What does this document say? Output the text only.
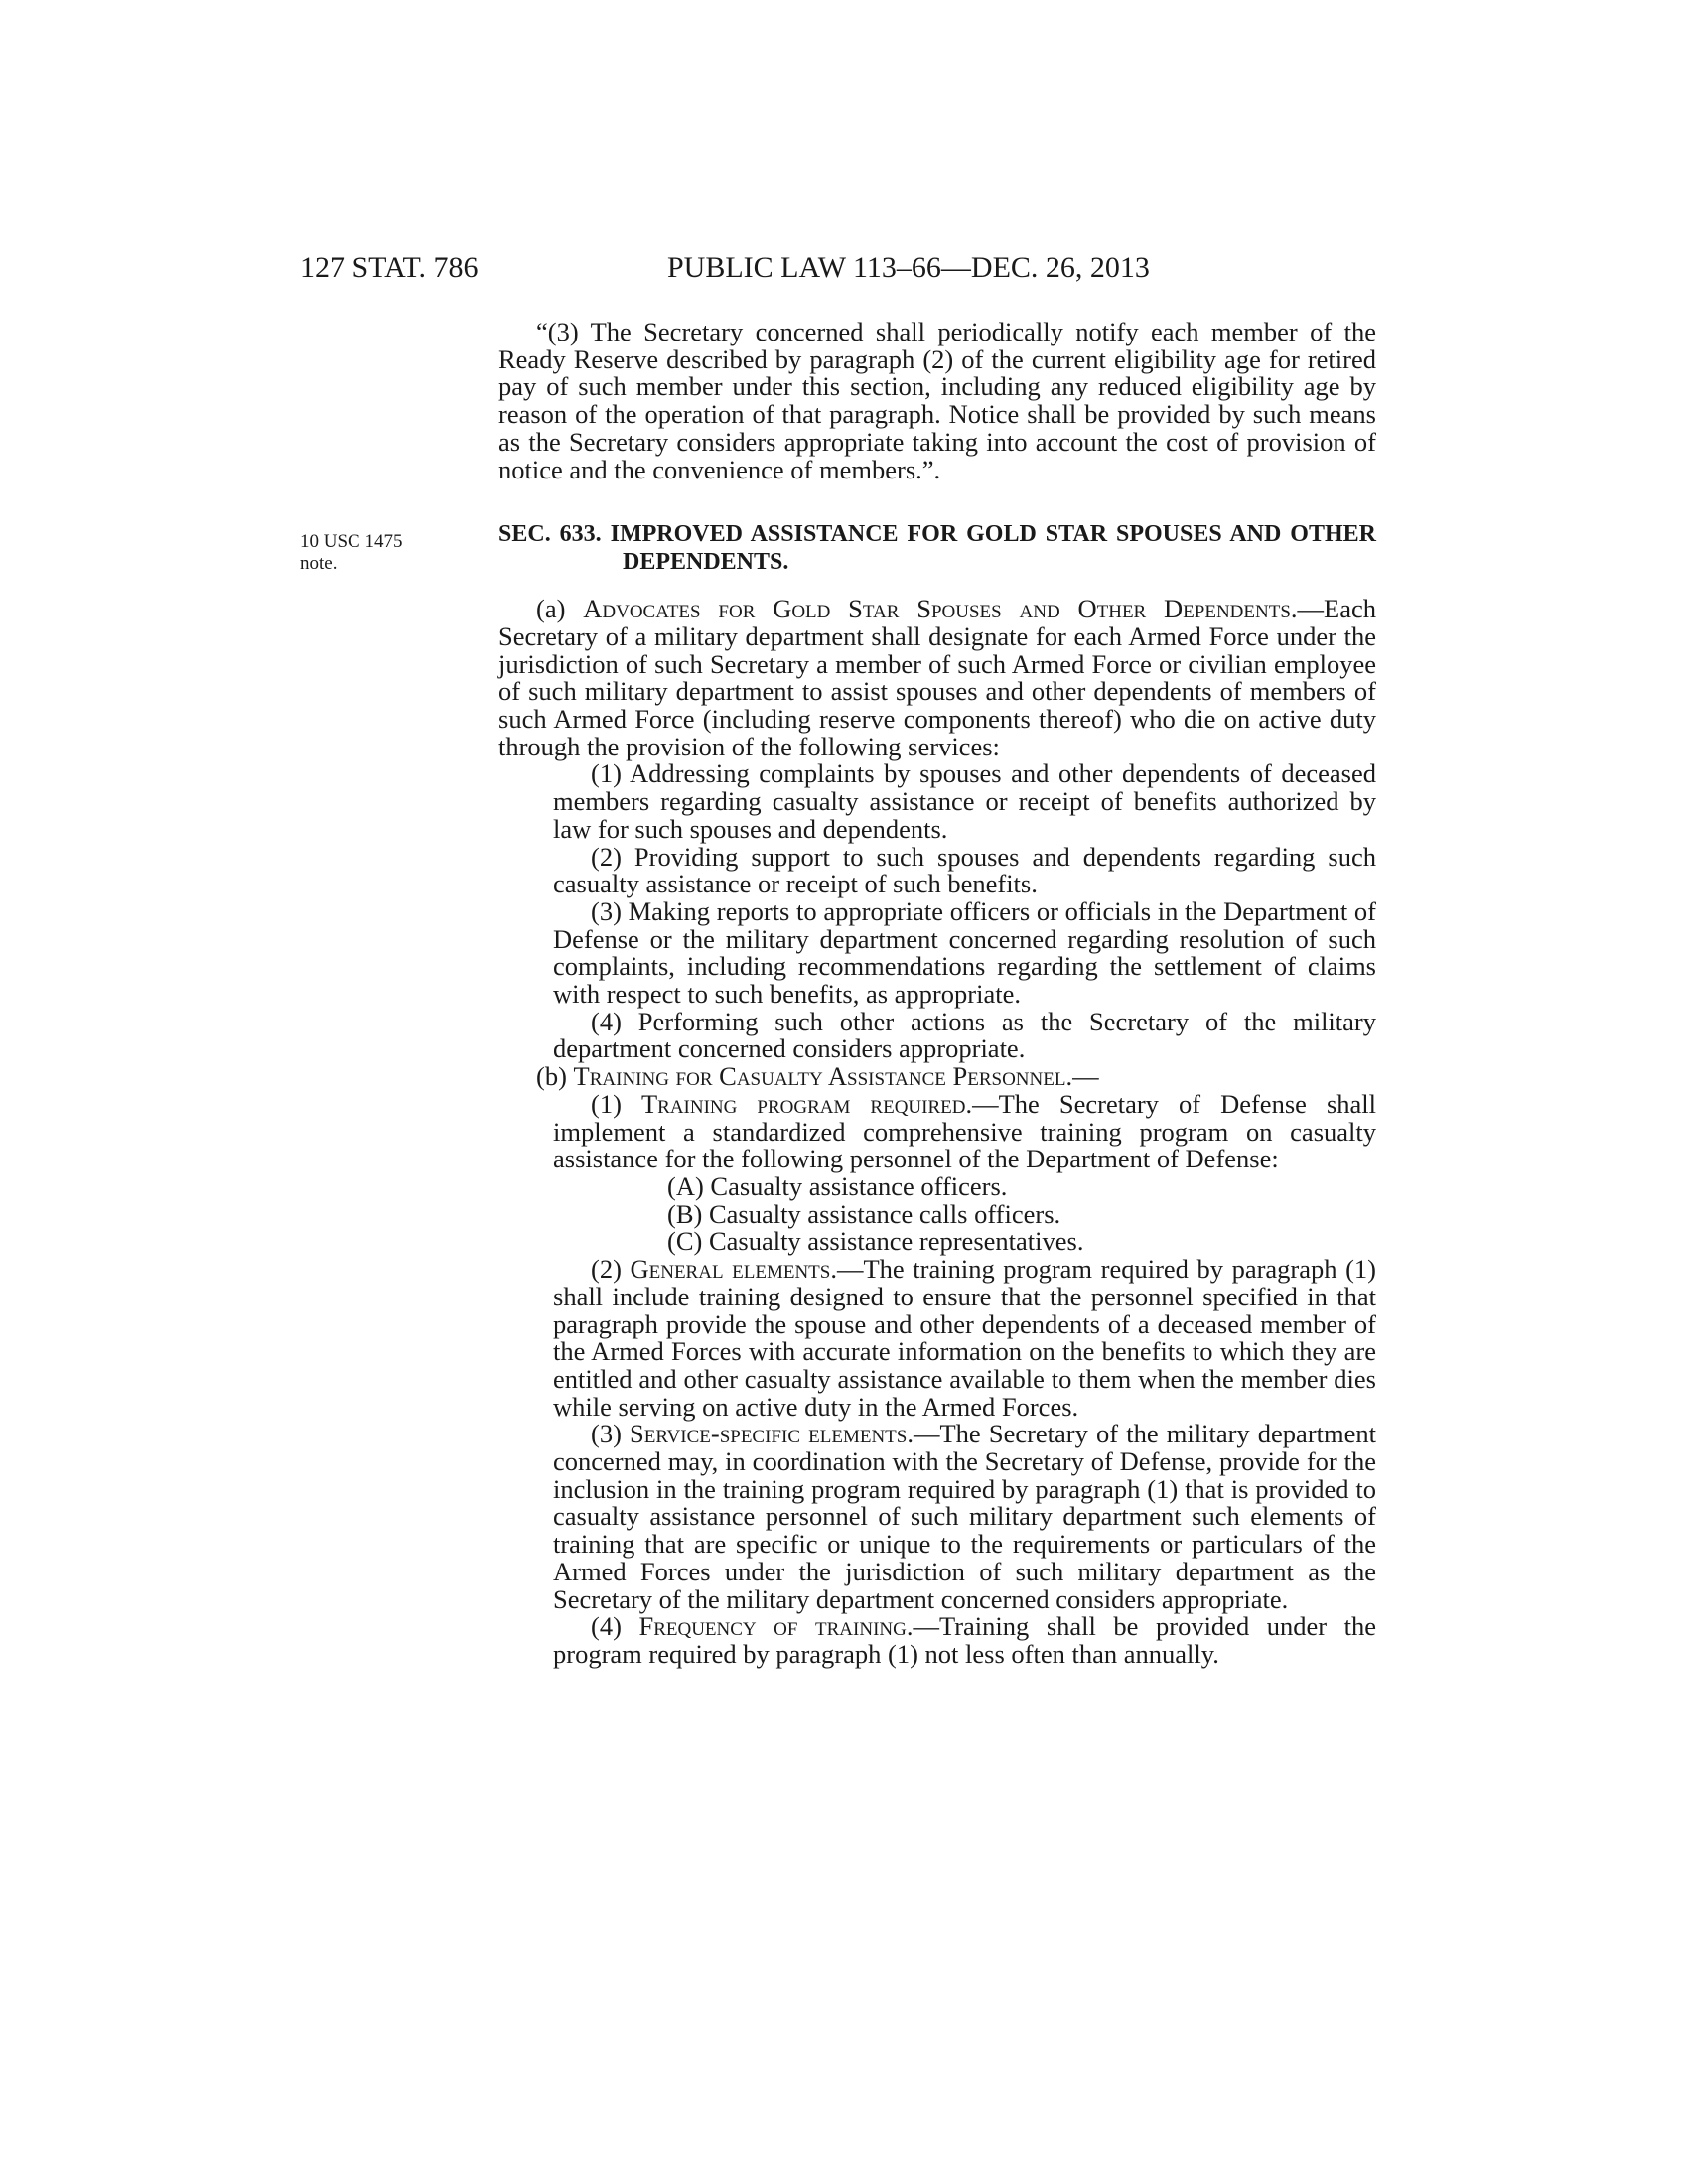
127 STAT. 786	PUBLIC LAW 113–66—DEC. 26, 2013
10 USC 1475
note.

“(3) The Secretary concerned shall periodically notify each member of the Ready Reserve described by paragraph (2) of the current eligibility age for retired pay of such member under this section, including any reduced eligibility age by reason of the operation of that paragraph. Notice shall be provided by such means as the Secretary considers appropriate taking into account the cost of provision of notice and the convenience of members.”.

SEC. 633. IMPROVED ASSISTANCE FOR GOLD STAR SPOUSES AND OTHER DEPENDENTS.

(a) Advocates for Gold Star Spouses and Other Dependents.—Each Secretary of a military department shall designate for each Armed Force under the jurisdiction of such Secretary a member of such Armed Force or civilian employee of such military department to assist spouses and other dependents of members of such Armed Force (including reserve components thereof) who die on active duty through the provision of the following services:

(1) Addressing complaints by spouses and other dependents of deceased members regarding casualty assistance or receipt of benefits authorized by law for such spouses and dependents.

(2) Providing support to such spouses and dependents regarding such casualty assistance or receipt of such benefits.

(3) Making reports to appropriate officers or officials in the Department of Defense or the military department concerned regarding resolution of such complaints, including recommendations regarding the settlement of claims with respect to such benefits, as appropriate.

(4) Performing such other actions as the Secretary of the military department concerned considers appropriate.

(b) Training for Casualty Assistance Personnel.—

(1) Training program required.—The Secretary of Defense shall implement a standardized comprehensive training program on casualty assistance for the following personnel of the Department of Defense:

(A) Casualty assistance officers.

(B) Casualty assistance calls officers.

(C) Casualty assistance representatives.

(2) General elements.—The training program required by paragraph (1) shall include training designed to ensure that the personnel specified in that paragraph provide the spouse and other dependents of a deceased member of the Armed Forces with accurate information on the benefits to which they are entitled and other casualty assistance available to them when the member dies while serving on active duty in the Armed Forces.

(3) Service-specific elements.—The Secretary of the military department concerned may, in coordination with the Secretary of Defense, provide for the inclusion in the training program required by paragraph (1) that is provided to casualty assistance personnel of such military department such elements of training that are specific or unique to the requirements or particulars of the Armed Forces under the jurisdiction of such military department as the Secretary of the military department concerned considers appropriate.

(4) Frequency of training.—Training shall be provided under the program required by paragraph (1) not less often than annually.
